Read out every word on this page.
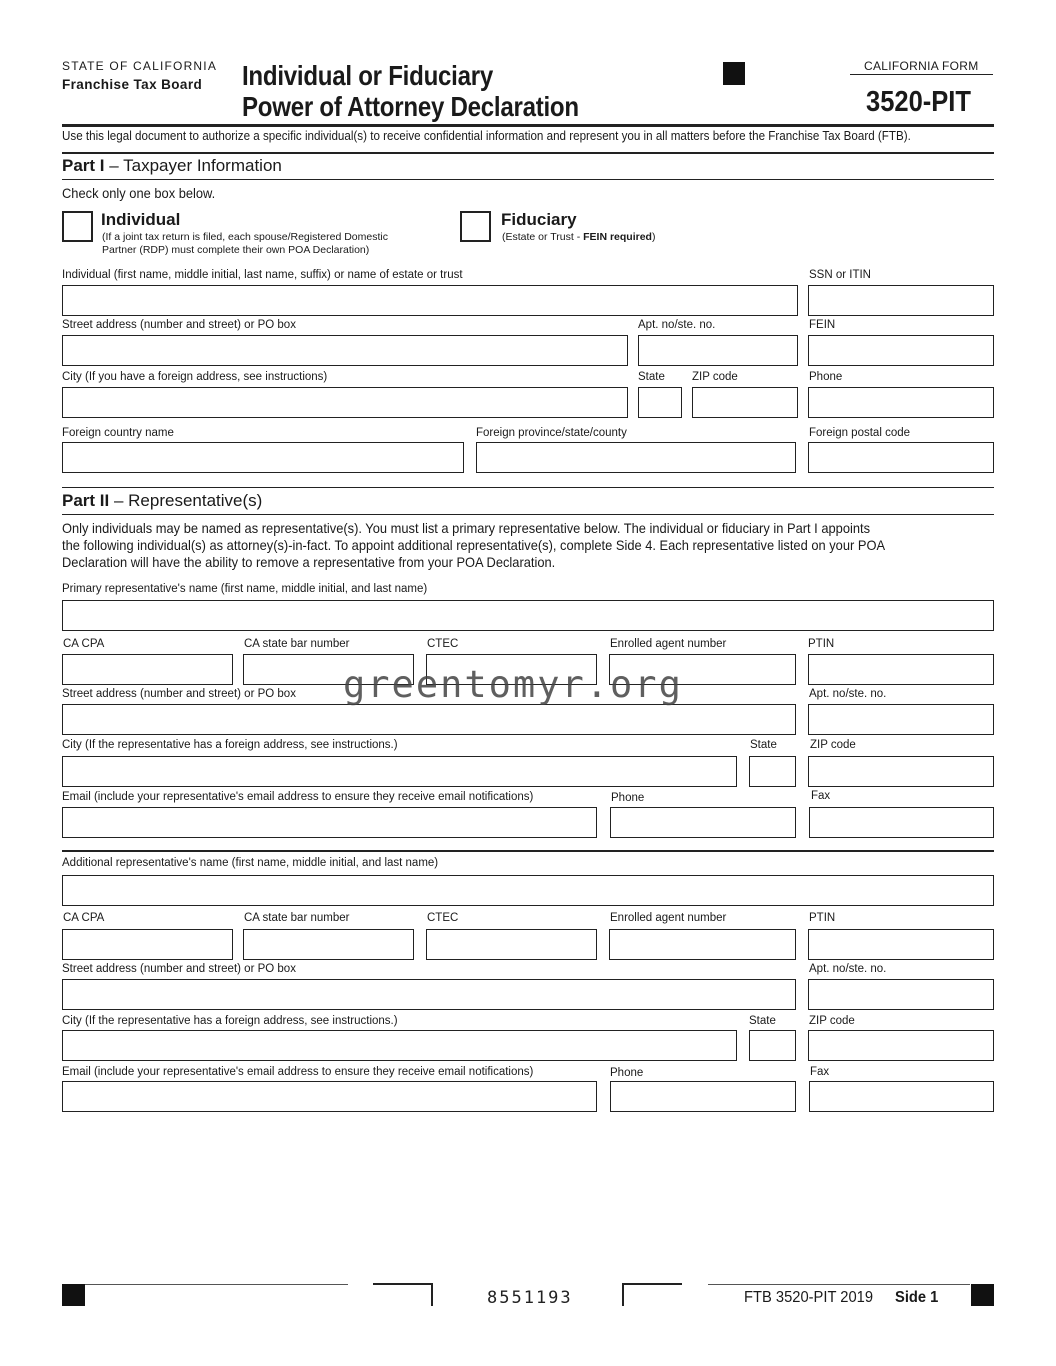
STATE OF CALIFORNIA
Franchise Tax Board Individual or Fiduciary
Power of Attorney Declaration
CALIFORNIA FORM
3520-PIT
Use this legal document to authorize a specific individual(s) to receive confidential information and represent you in all matters before the Franchise Tax Board (FTB).
Part I – Taxpayer Information
Check only one box below.
Individual
(If a joint tax return is filed, each spouse/Registered Domestic
Partner (RDP) must complete their own POA Declaration)
Fiduciary
(Estate or Trust - FEIN required)
Individual (first name, middle initial, last name, suffix) or name of estate or trust	SSN or ITIN
Street address (number and street) or PO box	Apt. no/ste. no.	FEIN
City (If you have a foreign address, see instructions)	State ZIP code	Phone
Foreign country name	Foreign province/state/county	Foreign postal code
Part II – Representative(s)
Only individuals may be named as representative(s). You must list a primary representative below. The individual or fiduciary in Part I appoints
the following individual(s) as attorney(s)-in-fact. To appoint additional representative(s), complete Side 4. Each representative listed on your POA
Declaration will have the ability to remove a representative from your POA Declaration.
Primary representative's name (first name, middle initial, and last name)
CA CPA	CA state bar number	CTEC	Enrolled agent number	PTIN
Street address (number and street) or PO box	Apt. no/ste. no.
City (If the representative has a foreign address, see instructions.)	State	ZIP code
Email (include your representative's email address to ensure they receive email notifications)	Phone	Fax
Additional representative's name (first name, middle initial, and last name)
CA CPA	CA state bar number	CTEC	Enrolled agent number	PTIN
Street address (number and street) or PO box	Apt. no/ste. no.
City (If the representative has a foreign address, see instructions.)	State	ZIP code
Email (include your representative's email address to ensure they receive email notifications)	Phone	Fax
greentomyr.org
8551193	FTB 3520-PIT 2019 Side 1
